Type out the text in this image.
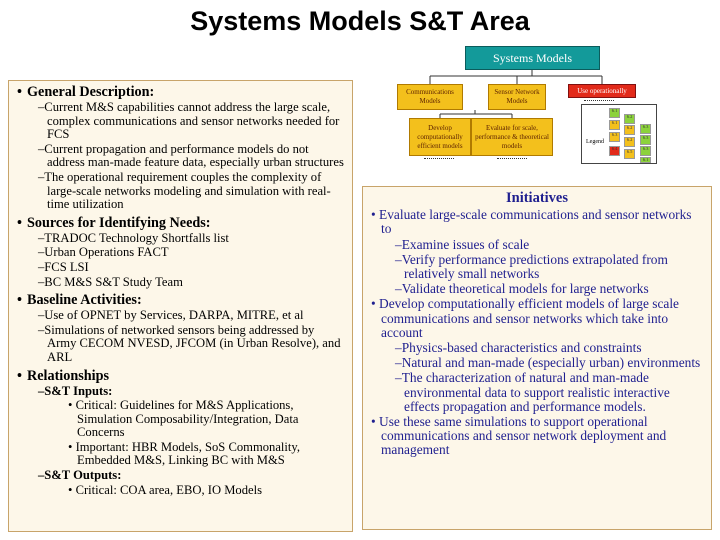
Systems Models S&T Area
Systems Models
Communications Models
Sensor Network Models
Use operationally
Develop computationally efficient models
Evaluate for scale, performance & theoretical models	Legend
6.1
6.2
6.3
6.1
6.2
6.3
6.3
6.2
6.3
6.4
6.5
6.1
• General Description:
–Current M&S capabilities cannot address the large scale, complex communications and sensor networks needed for FCS
–Current propagation and performance models do not address man-made feature data, especially urban structures
–The operational requirement couples the complexity of large-scale networks modeling and simulation with real-time utilization
• Sources for Identifying Needs:
–TRADOC Technology Shortfalls list
–Urban Operations FACT
–FCS LSI
–BC M&S S&T Study Team
• Baseline Activities:
–Use of OPNET by Services, DARPA, MITRE, et al
–Simulations of networked sensors being addressed by Army CECOM NVESD, JFCOM (in Urban Resolve), and ARL
• Relationships
–S&T Inputs:
• Critical: Guidelines for M&S Applications, Simulation Composability/Integration, Data Concerns
• Important: HBR Models, SoS Commonality, Embedded M&S, Linking BC with M&S
–S&T Outputs:
• Critical: COA area, EBO, IO Models
Initiatives
• Evaluate large-scale communications and sensor networks to
–Examine issues of scale
–Verify performance predictions extrapolated from relatively small networks
–Validate theoretical models for large networks
• Develop computationally efficient models of large scale communications and sensor networks which take into account
–Physics-based characteristics and constraints
–Natural and man-made (especially urban) environments
–The characterization of natural and man-made environmental data to support realistic interactive effects propagation and performance models.
• Use these same simulations to support operational communications and sensor network deployment and management
